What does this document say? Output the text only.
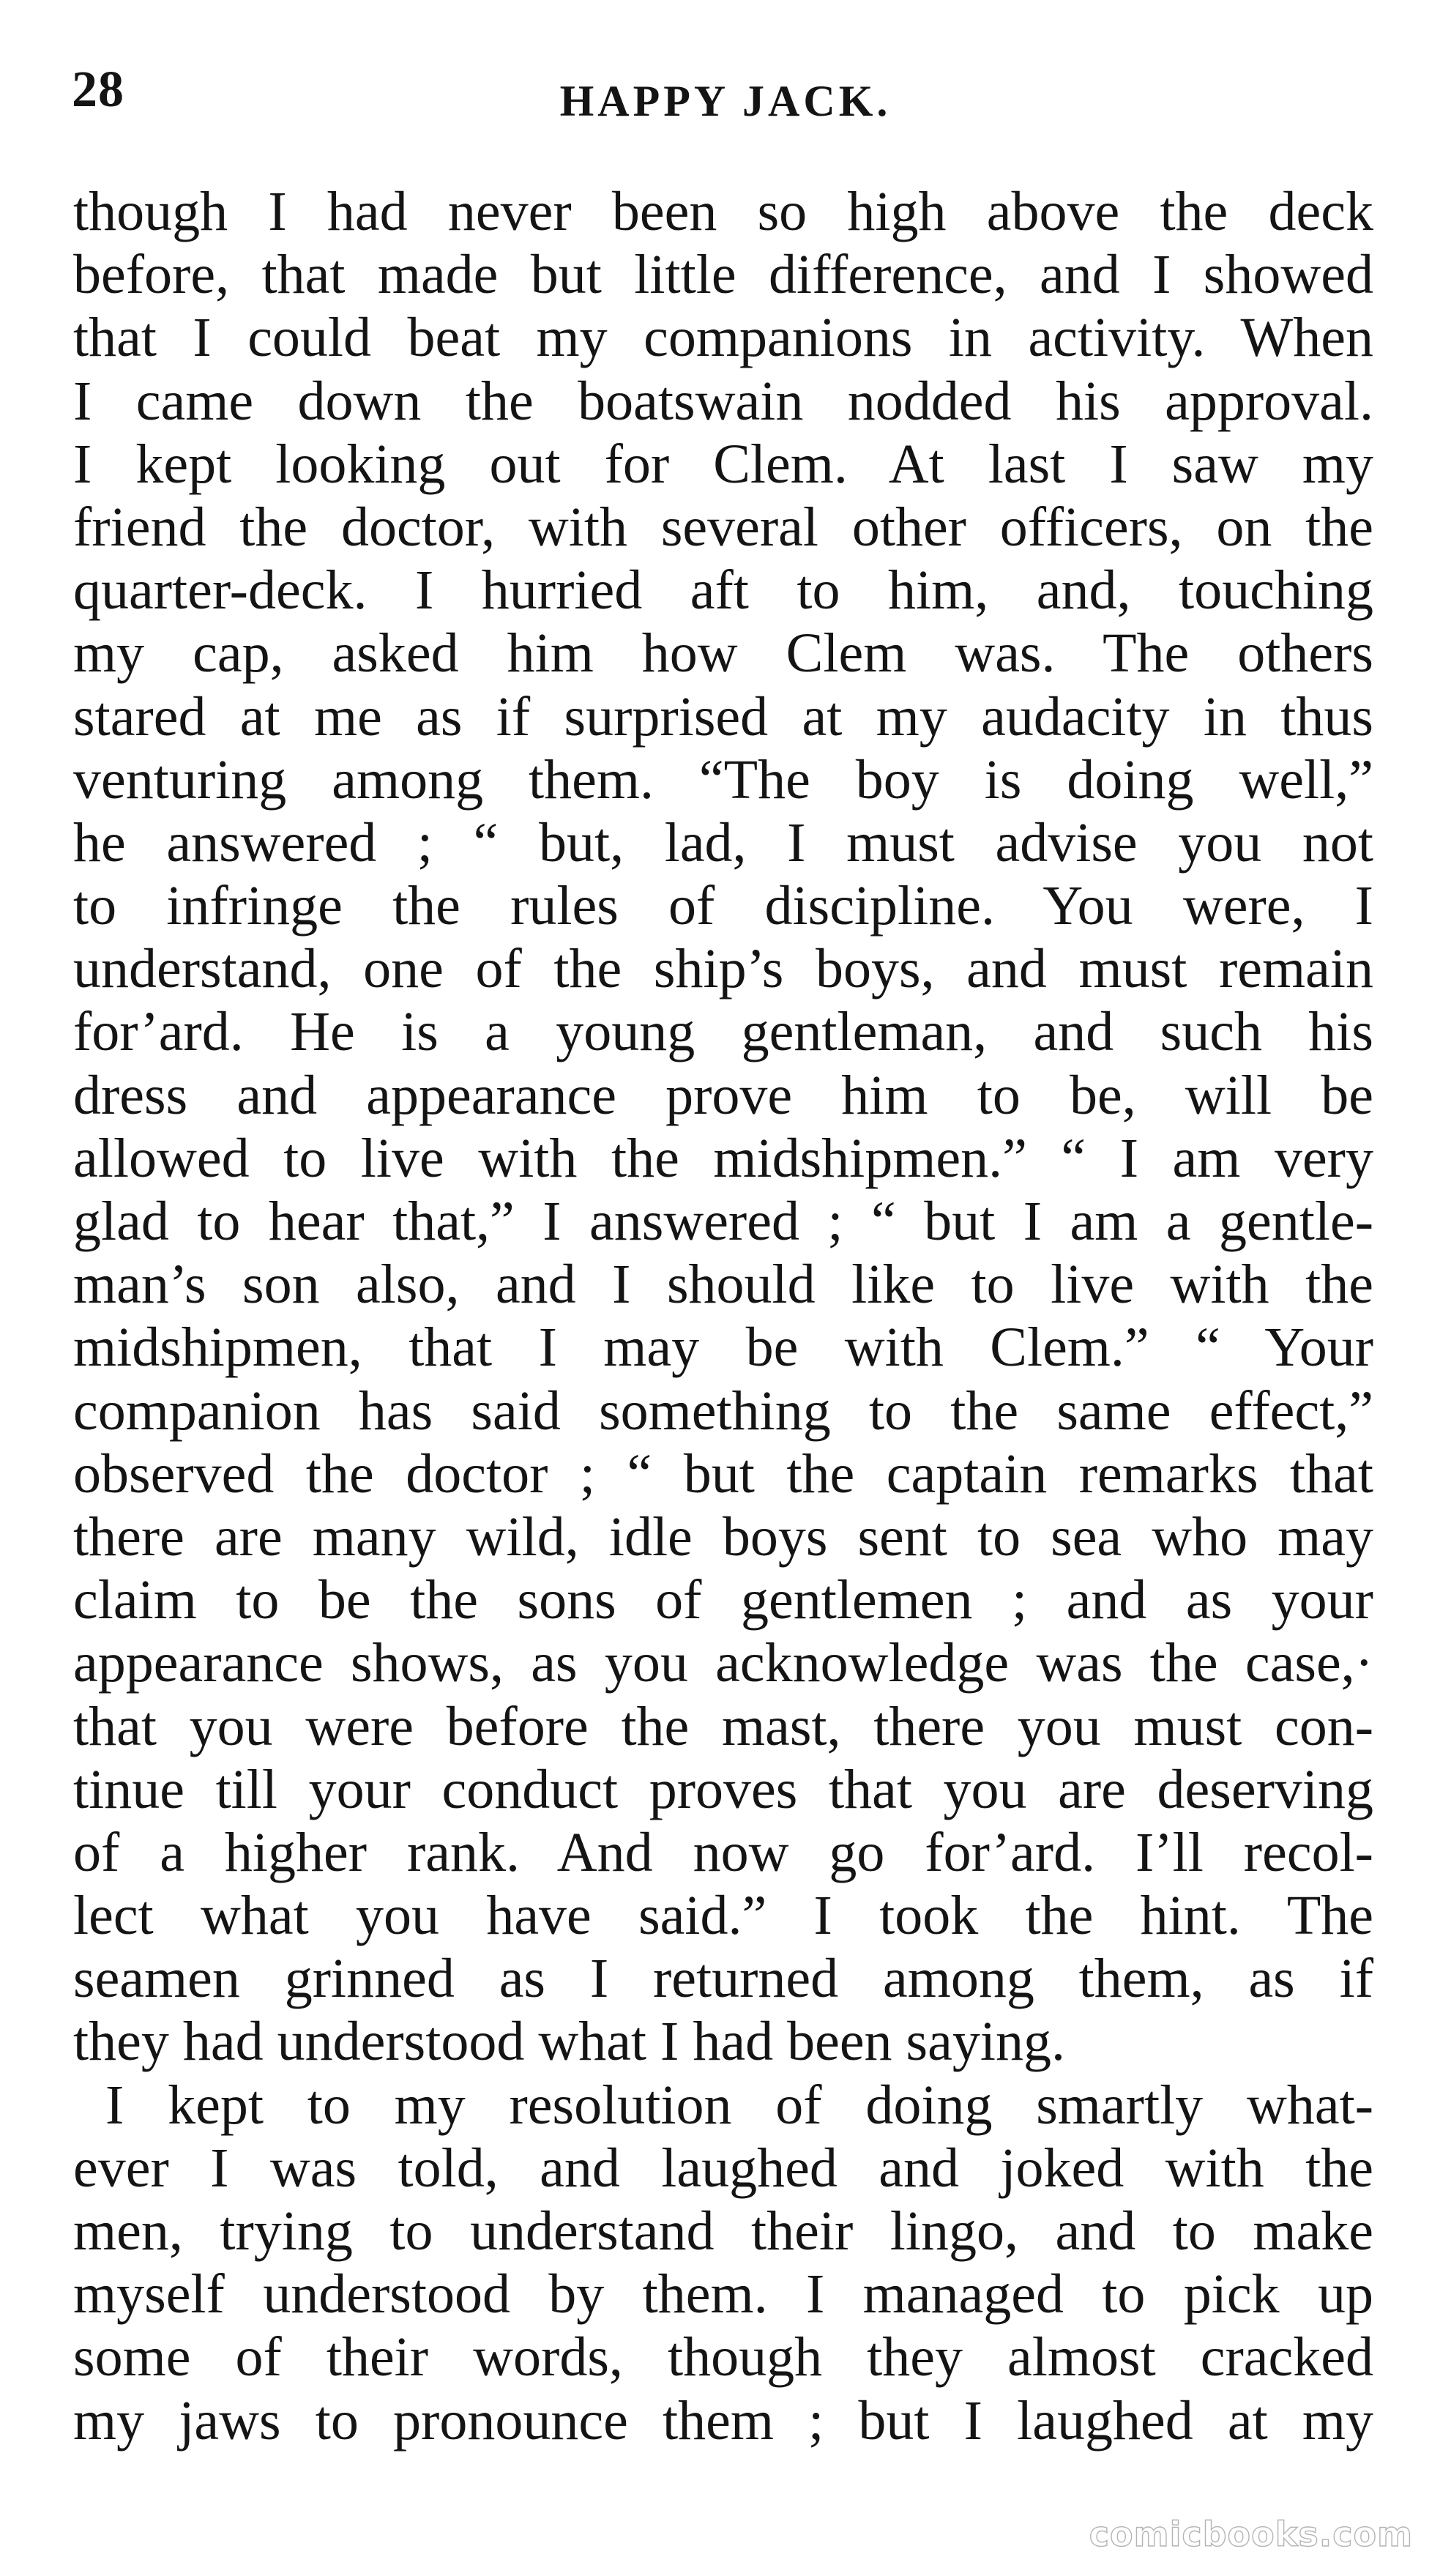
28	HAPPY JACK.
though I had never been so high above the deck
before, that made but little difference, and I showed
that I could beat my companions in activity. When
I came down the boatswain nodded his approval.
I kept looking out for Clem. At last I saw my
friend the doctor, with several other officers, on the
quarter-deck. I hurried aft to him, and, touching
my cap, asked him how Clem was. The others
stared at me as if surprised at my audacity in thus
venturing among them. “The boy is doing well,”
he answered ; “ but, lad, I must advise you not
to infringe the rules of discipline. You were, I
understand, one of the ship’s boys, and must remain
for’ard. He is a young gentleman, and such his
dress and appearance prove him to be, will be
allowed to live with the midshipmen.” “ I am very
glad to hear that,” I answered ; “ but I am a gentle-
man’s son also, and I should like to live with the
midshipmen, that I may be with Clem.” “ Your
companion has said something to the same effect,”
observed the doctor ; “ but the captain remarks that
there are many wild, idle boys sent to sea who may
claim to be the sons of gentlemen ; and as your
appearance shows, as you acknowledge was the case,·
that you were before the mast, there you must con-
tinue till your conduct proves that you are deserving
of a higher rank. And now go for’ard. I’ll recol-
lect what you have said.” I took the hint. The
seamen grinned as I returned among them, as if
they had understood what I had been saying.
I kept to my resolution of doing smartly what-
ever I was told, and laughed and joked with the
men, trying to understand their lingo, and to make
myself understood by them. I managed to pick up
some of their words, though they almost cracked
my jaws to pronounce them ; but I laughed at my
comicbooks.com
